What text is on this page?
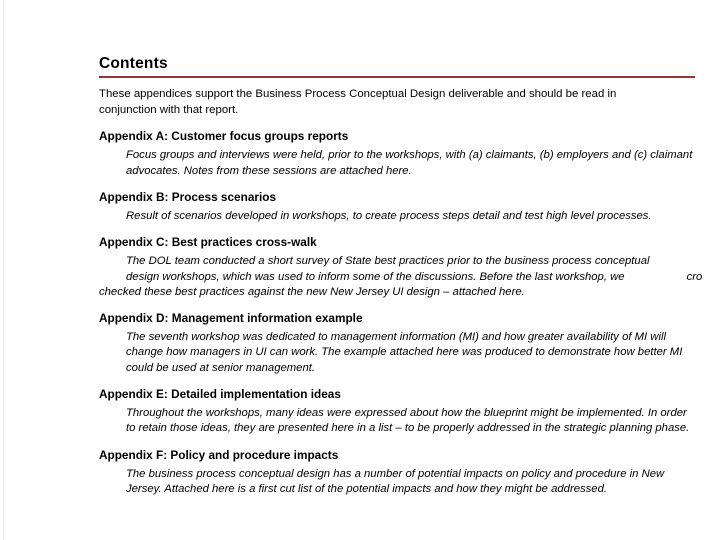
Contents

These appendices support the Business Process Conceptual Design deliverable and should be read in conjunction with that report.

Appendix A: Customer focus groups reports
Focus groups and interviews were held, prior to the workshops, with (a) claimants, (b) employers and (c) claimant advocates. Notes from these sessions are attached here.
Appendix B: Process scenarios
Result of scenarios developed in workshops, to create process steps detail and test high level processes.
Appendix C: Best practices cross-walk
The DOL team conducted a short survey of State best practices prior to the business process conceptual
design workshops, which was used to inform some of the discussions. Before the last workshop, we	cro
checked these best practices against the new New Jersey UI design – attached here.
Appendix D: Management information example
The seventh workshop was dedicated to management information (MI) and how greater availability of MI will change how managers in UI can work. The example attached here was produced to demonstrate how better MI could be used at senior management.
Appendix E: Detailed implementation ideas
Throughout the workshops, many ideas were expressed about how the blueprint might be implemented. In order to retain those ideas, they are presented here in a list – to be properly addressed in the strategic planning phase.
Appendix F: Policy and procedure impacts
The business process conceptual design has a number of potential impacts on policy and procedure in New Jersey. Attached here is a first cut list of the potential impacts and how they might be addressed.
